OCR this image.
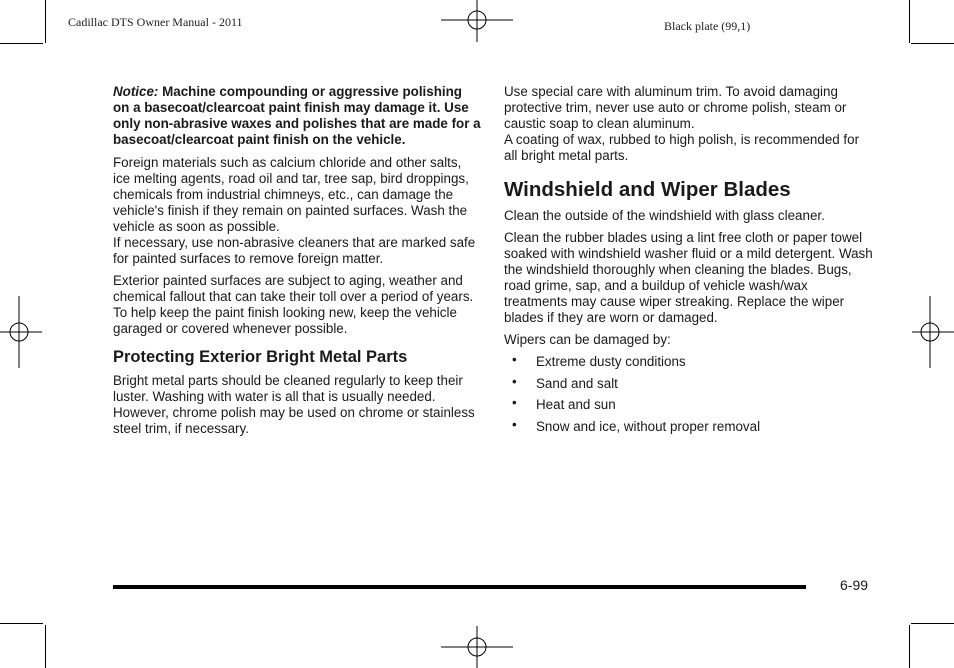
Cadillac DTS Owner Manual - 2011	Black plate (99,1)

Notice: Machine compounding or aggressive polishing on a basecoat/clearcoat paint finish may damage it. Use only non-abrasive waxes and polishes that are made for a basecoat/clearcoat paint finish on the vehicle.

Foreign materials such as calcium chloride and other salts, ice melting agents, road oil and tar, tree sap, bird droppings, chemicals from industrial chimneys, etc., can damage the vehicle's finish if they remain on painted surfaces. Wash the vehicle as soon as possible.
If necessary, use non-abrasive cleaners that are marked safe for painted surfaces to remove foreign matter.

Exterior painted surfaces are subject to aging, weather and chemical fallout that can take their toll over a period of years. To help keep the paint finish looking new, keep the vehicle garaged or covered whenever possible.

Protecting Exterior Bright Metal Parts

Bright metal parts should be cleaned regularly to keep their luster. Washing with water is all that is usually needed. However, chrome polish may be used on chrome or stainless steel trim, if necessary.

Use special care with aluminum trim. To avoid damaging protective trim, never use auto or chrome polish, steam or caustic soap to clean aluminum.
A coating of wax, rubbed to high polish, is recommended for all bright metal parts.

Windshield and Wiper Blades

Clean the outside of the windshield with glass cleaner.

Clean the rubber blades using a lint free cloth or paper towel soaked with windshield washer fluid or a mild detergent. Wash the windshield thoroughly when cleaning the blades. Bugs, road grime, sap, and a buildup of vehicle wash/wax treatments may cause wiper streaking. Replace the wiper blades if they are worn or damaged.

Wipers can be damaged by:

• Extreme dusty conditions
• Sand and salt
• Heat and sun
• Snow and ice, without proper removal
6-99
